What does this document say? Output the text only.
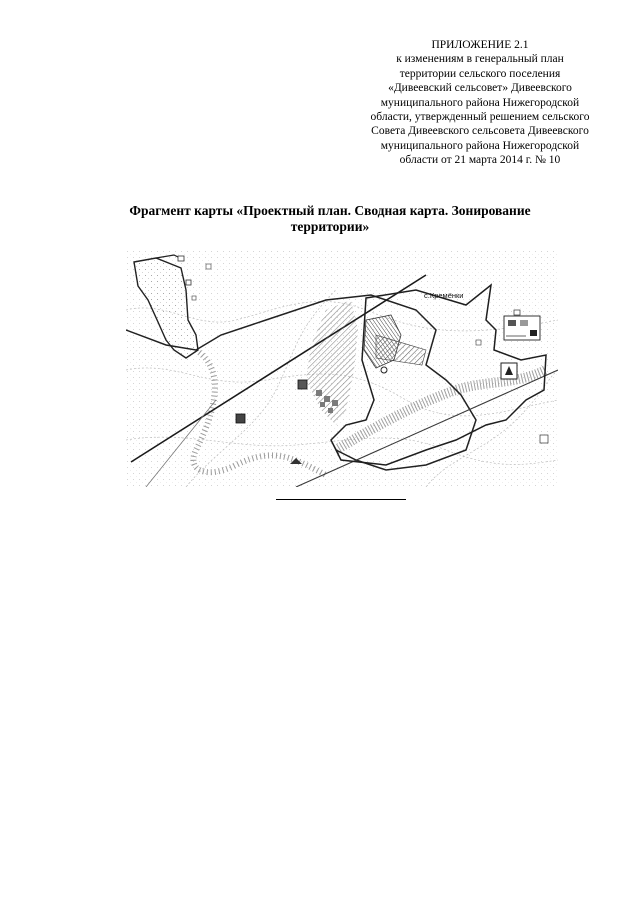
ПРИЛОЖЕНИЕ 2.1
к изменениям в генеральный план
территории сельского поселения
«Дивеевский сельсовет» Дивеевского
муниципального района Нижегородской
области, утвержденный решением сельского
Совета Дивеевского сельсовета Дивеевского
муниципального района Нижегородской
области от 21 марта 2014 г. № 10
Фрагмент карты «Проектный план. Сводная карта. Зонирование
территории»
с.Кремёнки
